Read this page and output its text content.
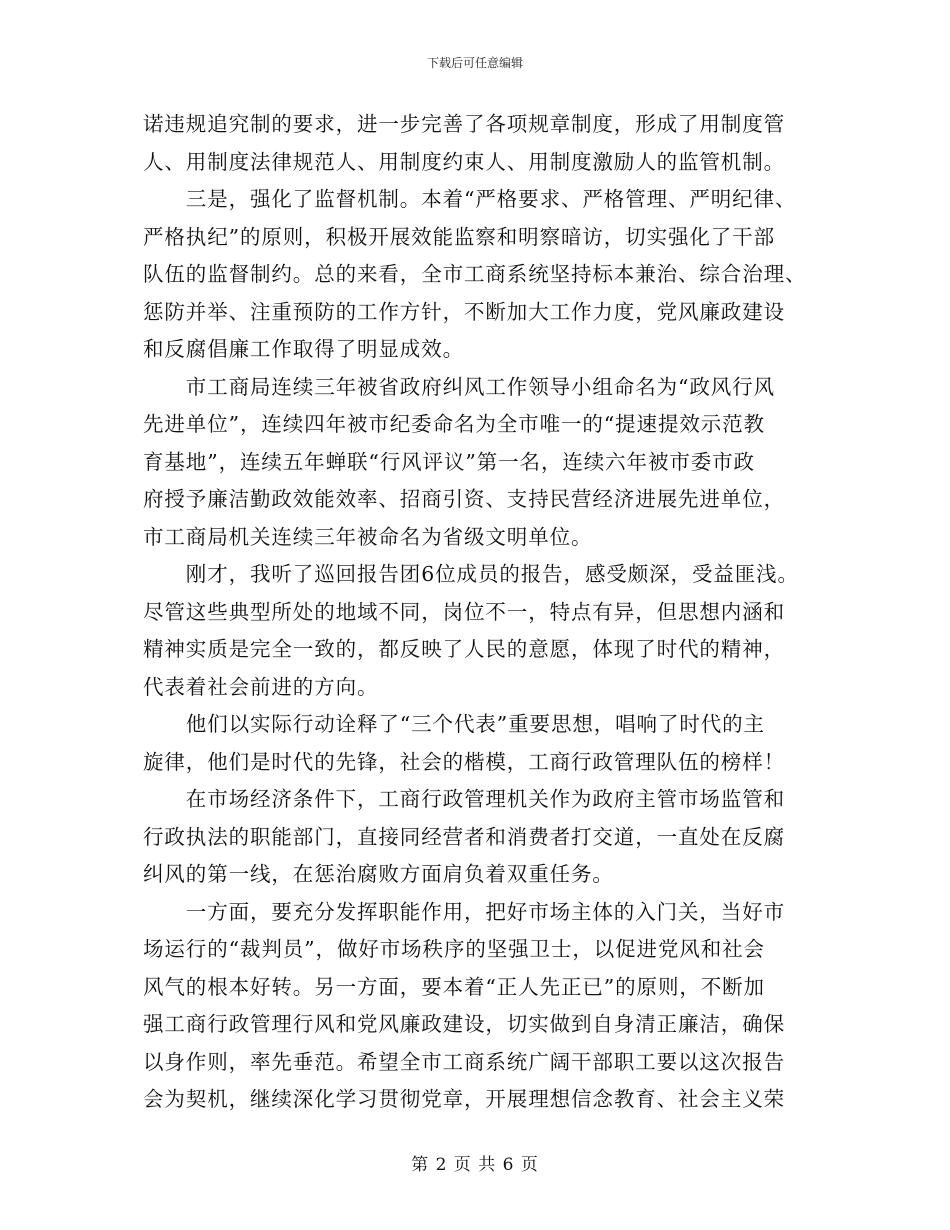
下载后可任意编辑
诺违规追究制的要求，进一步完善了各项规章制度，形成了用制度管
人、用制度法律规范人、用制度约束人、用制度激励人的监管机制。
　　三是，强化了监督机制。本着“严格要求、严格管理、严明纪律、
严格执纪”的原则，积极开展效能监察和明察暗访，切实强化了干部
队伍的监督制约。总的来看，全市工商系统坚持标本兼治、综合治理、
惩防并举、注重预防的工作方针，不断加大工作力度，党风廉政建设
和反腐倡廉工作取得了明显成效。
　　市工商局连续三年被省政府纠风工作领导小组命名为“政风行风
先进单位”，连续四年被市纪委命名为全市唯一的“提速提效示范教
育基地”，连续五年蝉联“行风评议”第一名，连续六年被市委市政
府授予廉洁勤政效能效率、招商引资、支持民营经济进展先进单位，
市工商局机关连续三年被命名为省级文明单位。
　　刚才，我听了巡回报告团6位成员的报告，感受颇深，受益匪浅。
尽管这些典型所处的地域不同，岗位不一，特点有异，但思想内涵和
精神实质是完全一致的，都反映了人民的意愿，体现了时代的精神，
代表着社会前进的方向。
　　他们以实际行动诠释了“三个代表”重要思想，唱响了时代的主
旋律，他们是时代的先锋，社会的楷模，工商行政管理队伍的榜样！
　　在市场经济条件下，工商行政管理机关作为政府主管市场监管和
行政执法的职能部门，直接同经营者和消费者打交道，一直处在反腐
纠风的第一线，在惩治腐败方面肩负着双重任务。
　　一方面，要充分发挥职能作用，把好市场主体的入门关，当好市
场运行的“裁判员”，做好市场秩序的坚强卫士，以促进党风和社会
风气的根本好转。另一方面，要本着“正人先正已”的原则，不断加
强工商行政管理行风和党风廉政建设，切实做到自身清正廉洁，确保
以身作则，率先垂范。希望全市工商系统广阔干部职工要以这次报告
会为契机，继续深化学习贯彻党章，开展理想信念教育、社会主义荣
第 2 页 共 6 页
